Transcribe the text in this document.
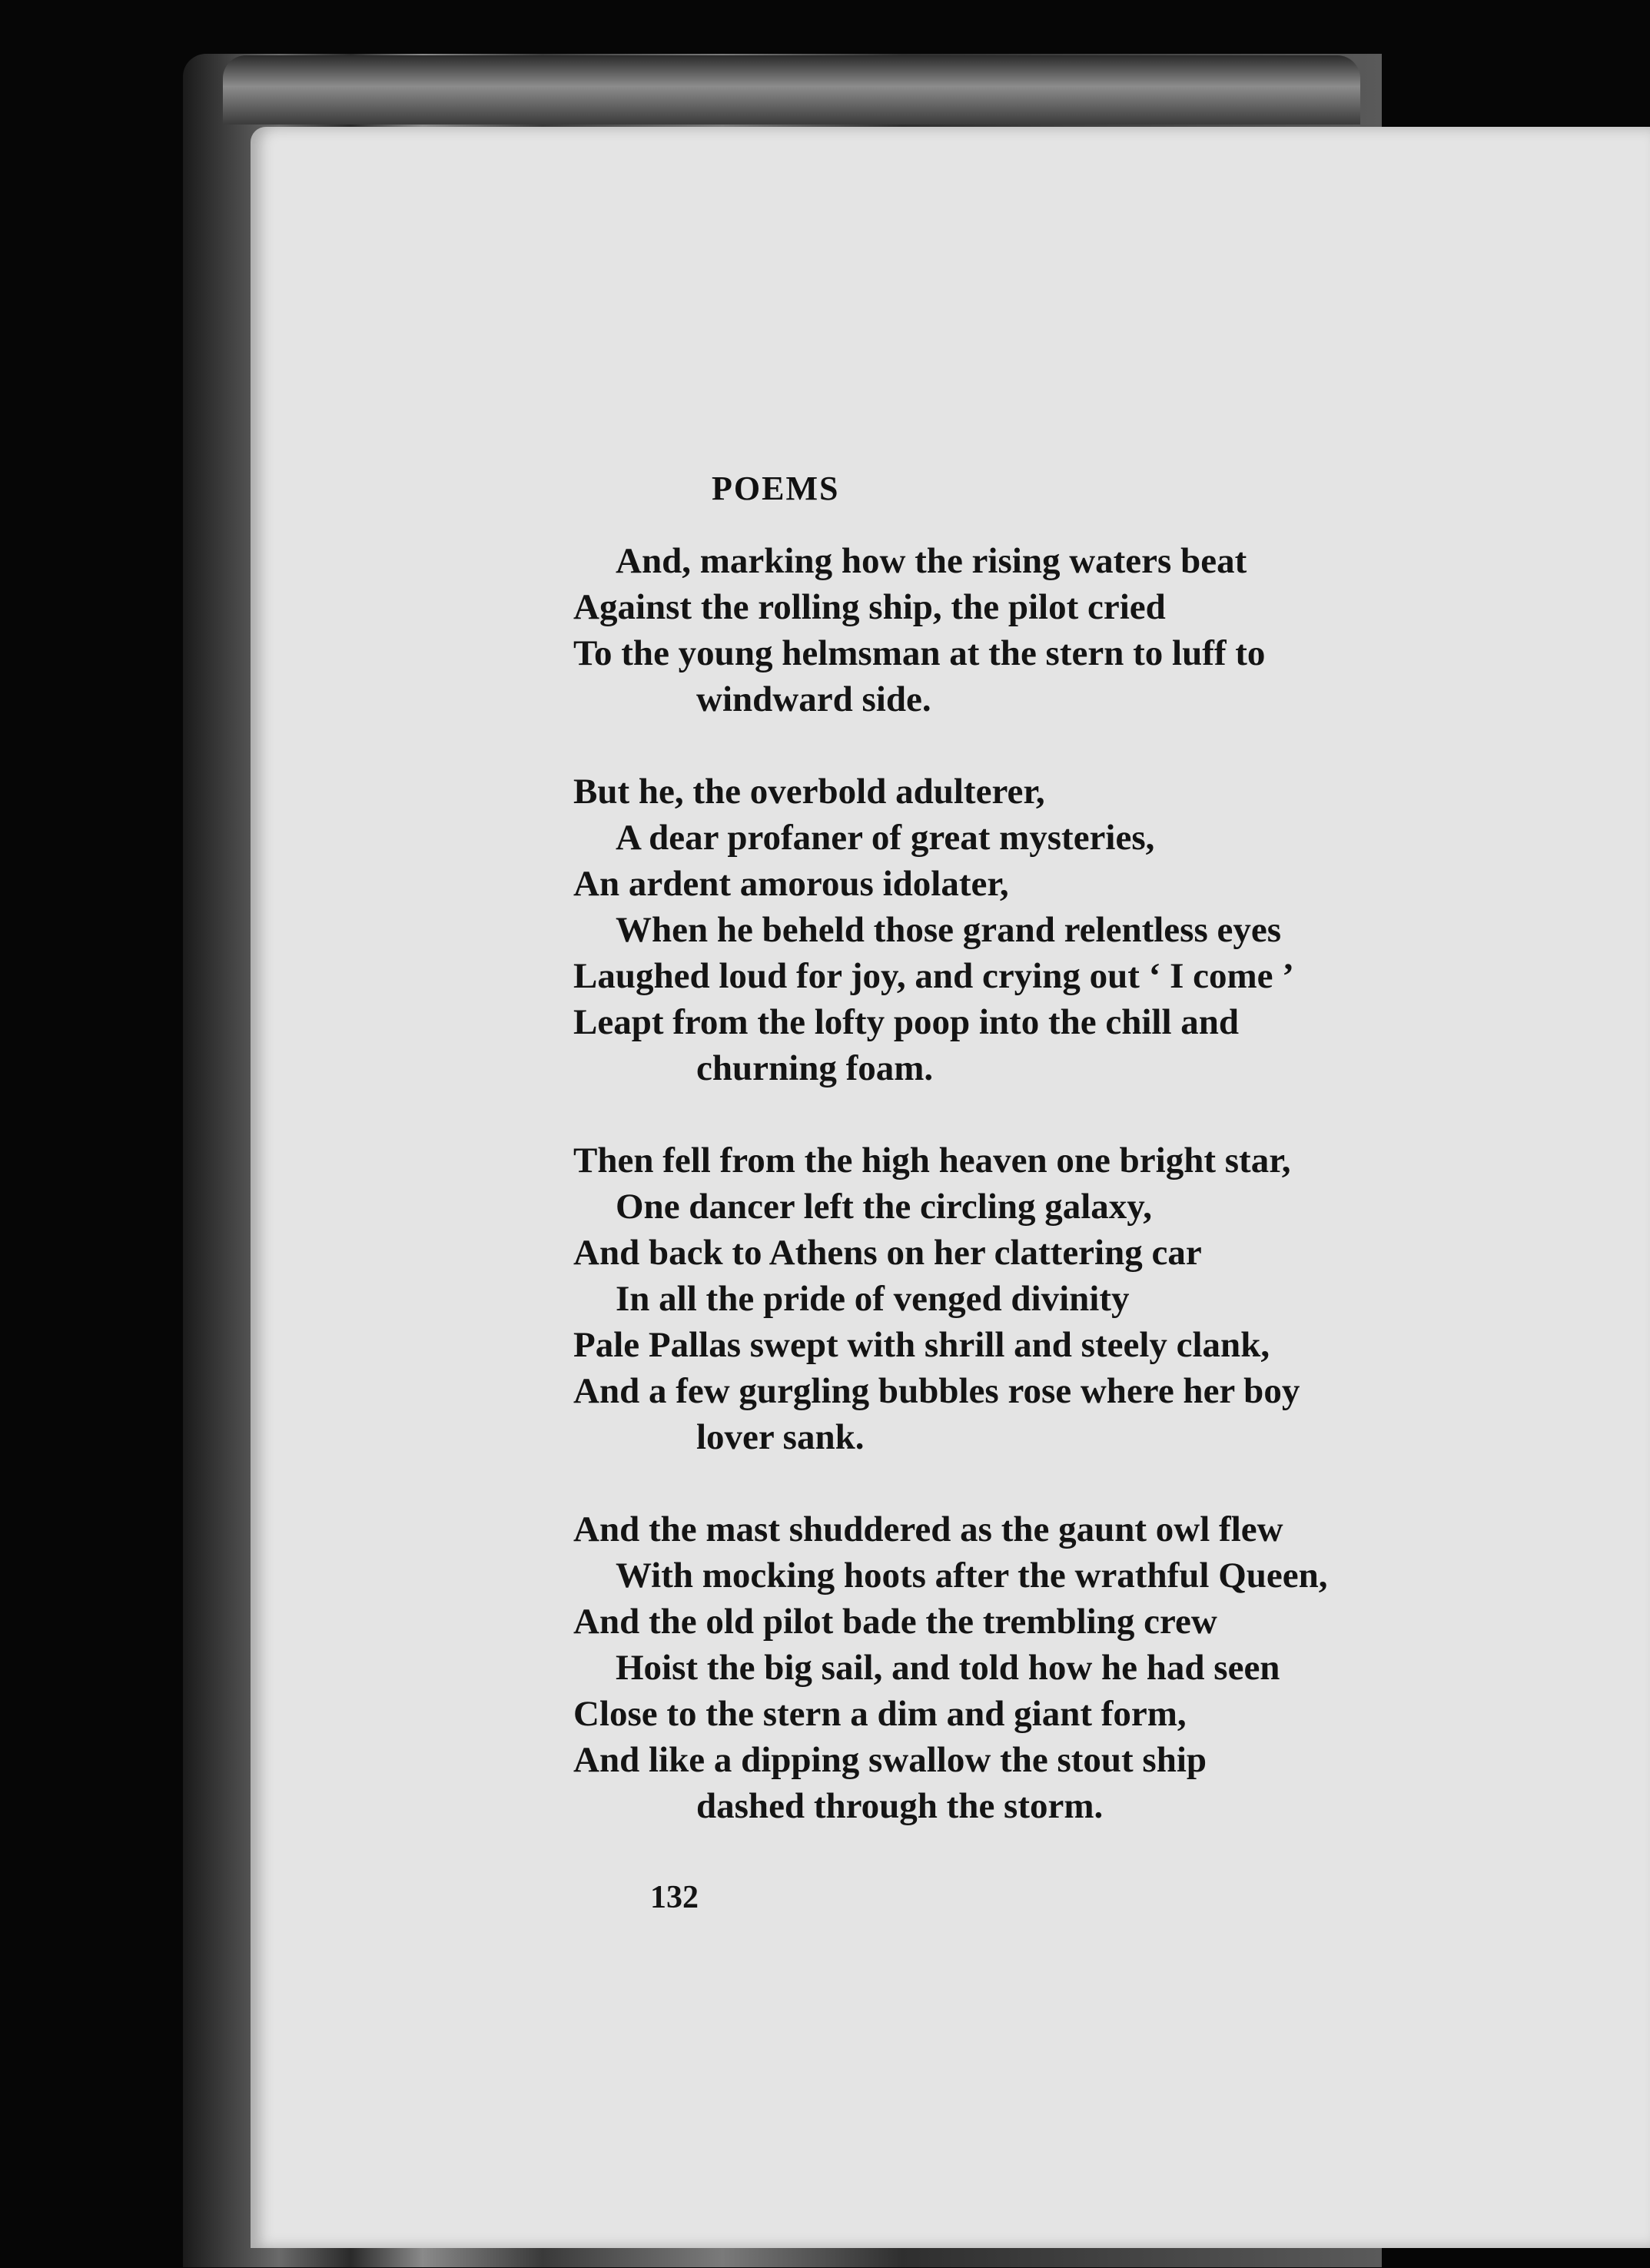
POEMS
And, marking how the rising waters beat
Against the rolling ship, the pilot cried
To the young helmsman at the stern to luff to
windward side.
But he, the overbold adulterer,
A dear profaner of great mysteries,
An ardent amorous idolater,
When he beheld those grand relentless eyes
Laughed loud for joy, and crying out ‘ I come ’
Leapt from the lofty poop into the chill and
churning foam.
Then fell from the high heaven one bright star,
One dancer left the circling galaxy,
And back to Athens on her clattering car
In all the pride of venged divinity
Pale Pallas swept with shrill and steely clank,
And a few gurgling bubbles rose where her boy
lover sank.
And the mast shuddered as the gaunt owl flew
With mocking hoots after the wrathful Queen,
And the old pilot bade the trembling crew
Hoist the big sail, and told how he had seen
Close to the stern a dim and giant form,
And like a dipping swallow the stout ship
dashed through the storm.
132
